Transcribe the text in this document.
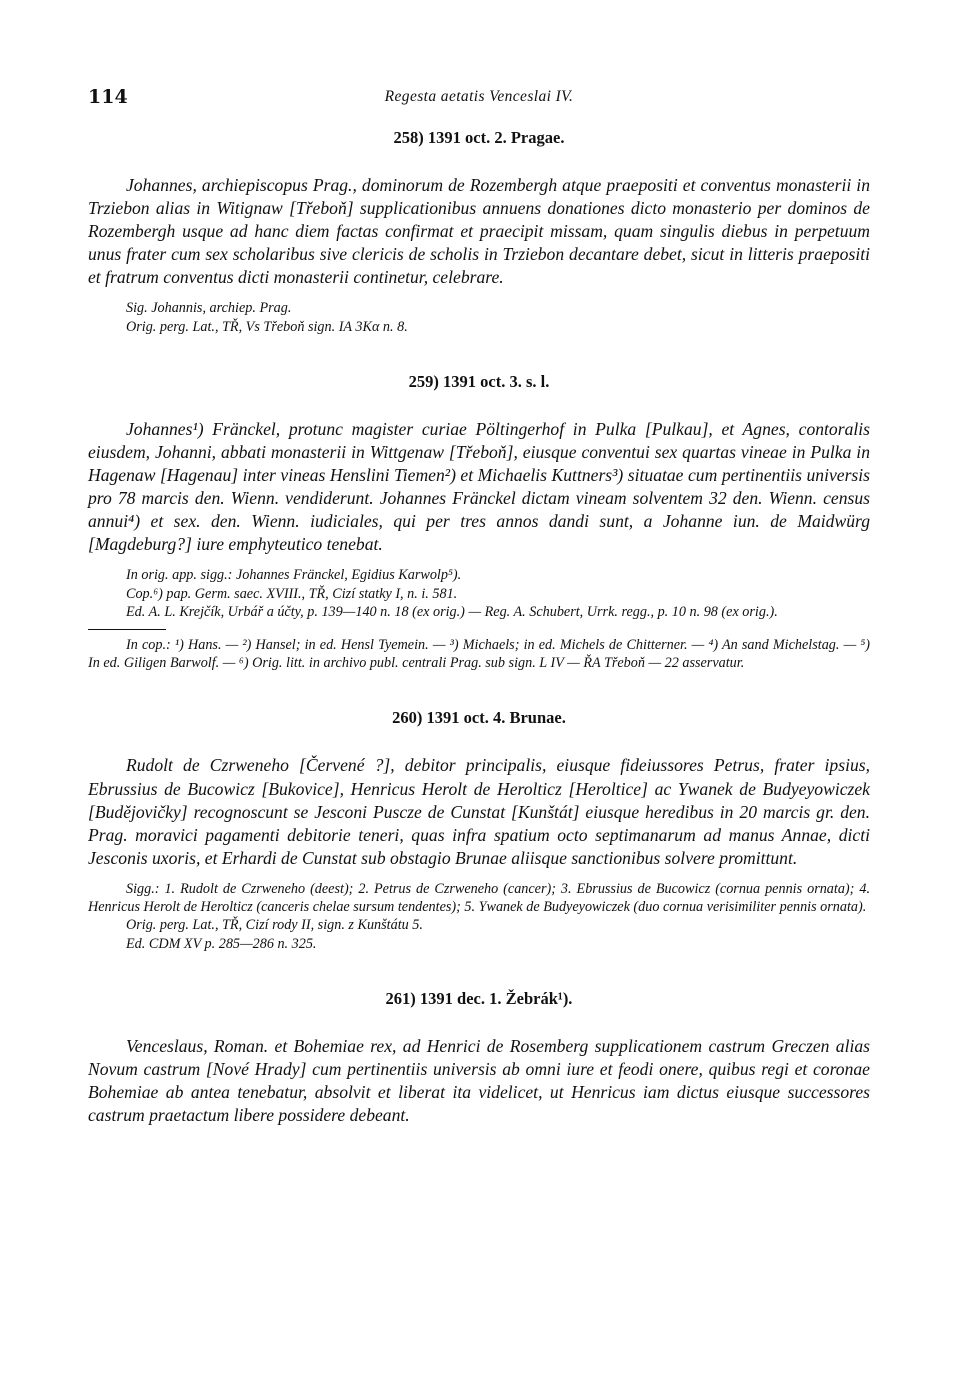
114	Regesta aetatis Venceslai IV.

258) 1391 oct. 2. Pragae.

Johannes, archiepiscopus Prag., dominorum de Rozembergh atque praepositi et conventus monasterii in Trziebon alias in Witignaw [Třeboň] supplicationibus annuens donationes dicto monasterio per dominos de Rozembergh usque ad hanc diem factas confirmat et praecipit missam, quam singulis diebus in perpetuum unus frater cum sex scholaribus sive clericis de scholis in Trziebon decantare debet, sicut in litteris praepositi et fratrum conventus dicti monasterii continetur, celebrare.

Sig. Johannis, archiep. Prag.

Orig. perg. Lat., TŘ, Vs Třeboň sign. IA 3Kα n. 8.

259) 1391 oct. 3. s. l.

Johannes¹) Fränckel, protunc magister curiae Pöltingerhof in Pulka [Pulkau], et Agnes, contoralis eiusdem, Johanni, abbati monasterii in Wittgenaw [Třeboň], eiusque conventui sex quartas vineae in Pulka in Hagenaw [Hagenau] inter vineas Henslini Tiemen²) et Michaelis Kuttners³) situatae cum pertinentiis universis pro 78 marcis den. Wienn. vendiderunt. Johannes Fränckel dictam vineam solventem 32 den. Wienn. census annui⁴) et sex. den. Wienn. iudiciales, qui per tres annos dandi sunt, a Johanne iun. de Maidwürg [Magdeburg?] iure emphyteutico tenebat.

In orig. app. sigg.: Johannes Fränckel, Egidius Karwolp⁵).

Cop.⁶) pap. Germ. saec. XVIII., TŘ, Cizí statky I, n. i. 581.

Ed. A. L. Krejčík, Urbář a účty, p. 139—140 n. 18 (ex orig.) — Reg. A. Schubert, Urrk. regg., p. 10 n. 98 (ex orig.).

In cop.: ¹) Hans. — ²) Hansel; in ed. Hensl Tyemein. — ³) Michaels; in ed. Michels de Chitterner. — ⁴) An sand Michelstag. — ⁵) In ed. Giligen Barwolf. — ⁶) Orig. litt. in archivo publ. centrali Prag. sub sign. L IV — ŘA Třeboň — 22 asservatur.

260) 1391 oct. 4. Brunae.

Rudolt de Czrweneho [Červené ?], debitor principalis, eiusque fideiussores Petrus, frater ipsius, Ebrussius de Bucowicz [Bukovice], Henricus Herolt de Herolticz [Heroltice] ac Ywanek de Budyeyowiczek [Budějovičky] recognoscunt se Jesconi Puscze de Cunstat [Kunštát] eiusque heredibus in 20 marcis gr. den. Prag. moravici pagamenti debitorie teneri, quas infra spatium octo septimanarum ad manus Annae, dicti Jesconis uxoris, et Erhardi de Cunstat sub obstagio Brunae aliisque sanctionibus solvere promittunt.

Sigg.: 1. Rudolt de Czrweneho (deest); 2. Petrus de Czrweneho (cancer); 3. Ebrussius de Bucowicz (cornua pennis ornata); 4. Henricus Herolt de Herolticz (canceris chelae sursum tendentes); 5. Ywanek de Budyeyowiczek (duo cornua verisimiliter pennis ornata).

Orig. perg. Lat., TŘ, Cizí rody II, sign. z Kunštátu 5.

Ed. CDM XV p. 285—286 n. 325.

261) 1391 dec. 1. Žebrák¹).

Venceslaus, Roman. et Bohemiae rex, ad Henrici de Rosemberg supplicationem castrum Greczen alias Novum castrum [Nové Hrady] cum pertinentiis universis ab omni iure et feodi onere, quibus regi et coronae Bohemiae ab antea tenebatur, absolvit et liberat ita videlicet, ut Henricus iam dictus eiusque successores castrum praetactum libere possidere debeant.
